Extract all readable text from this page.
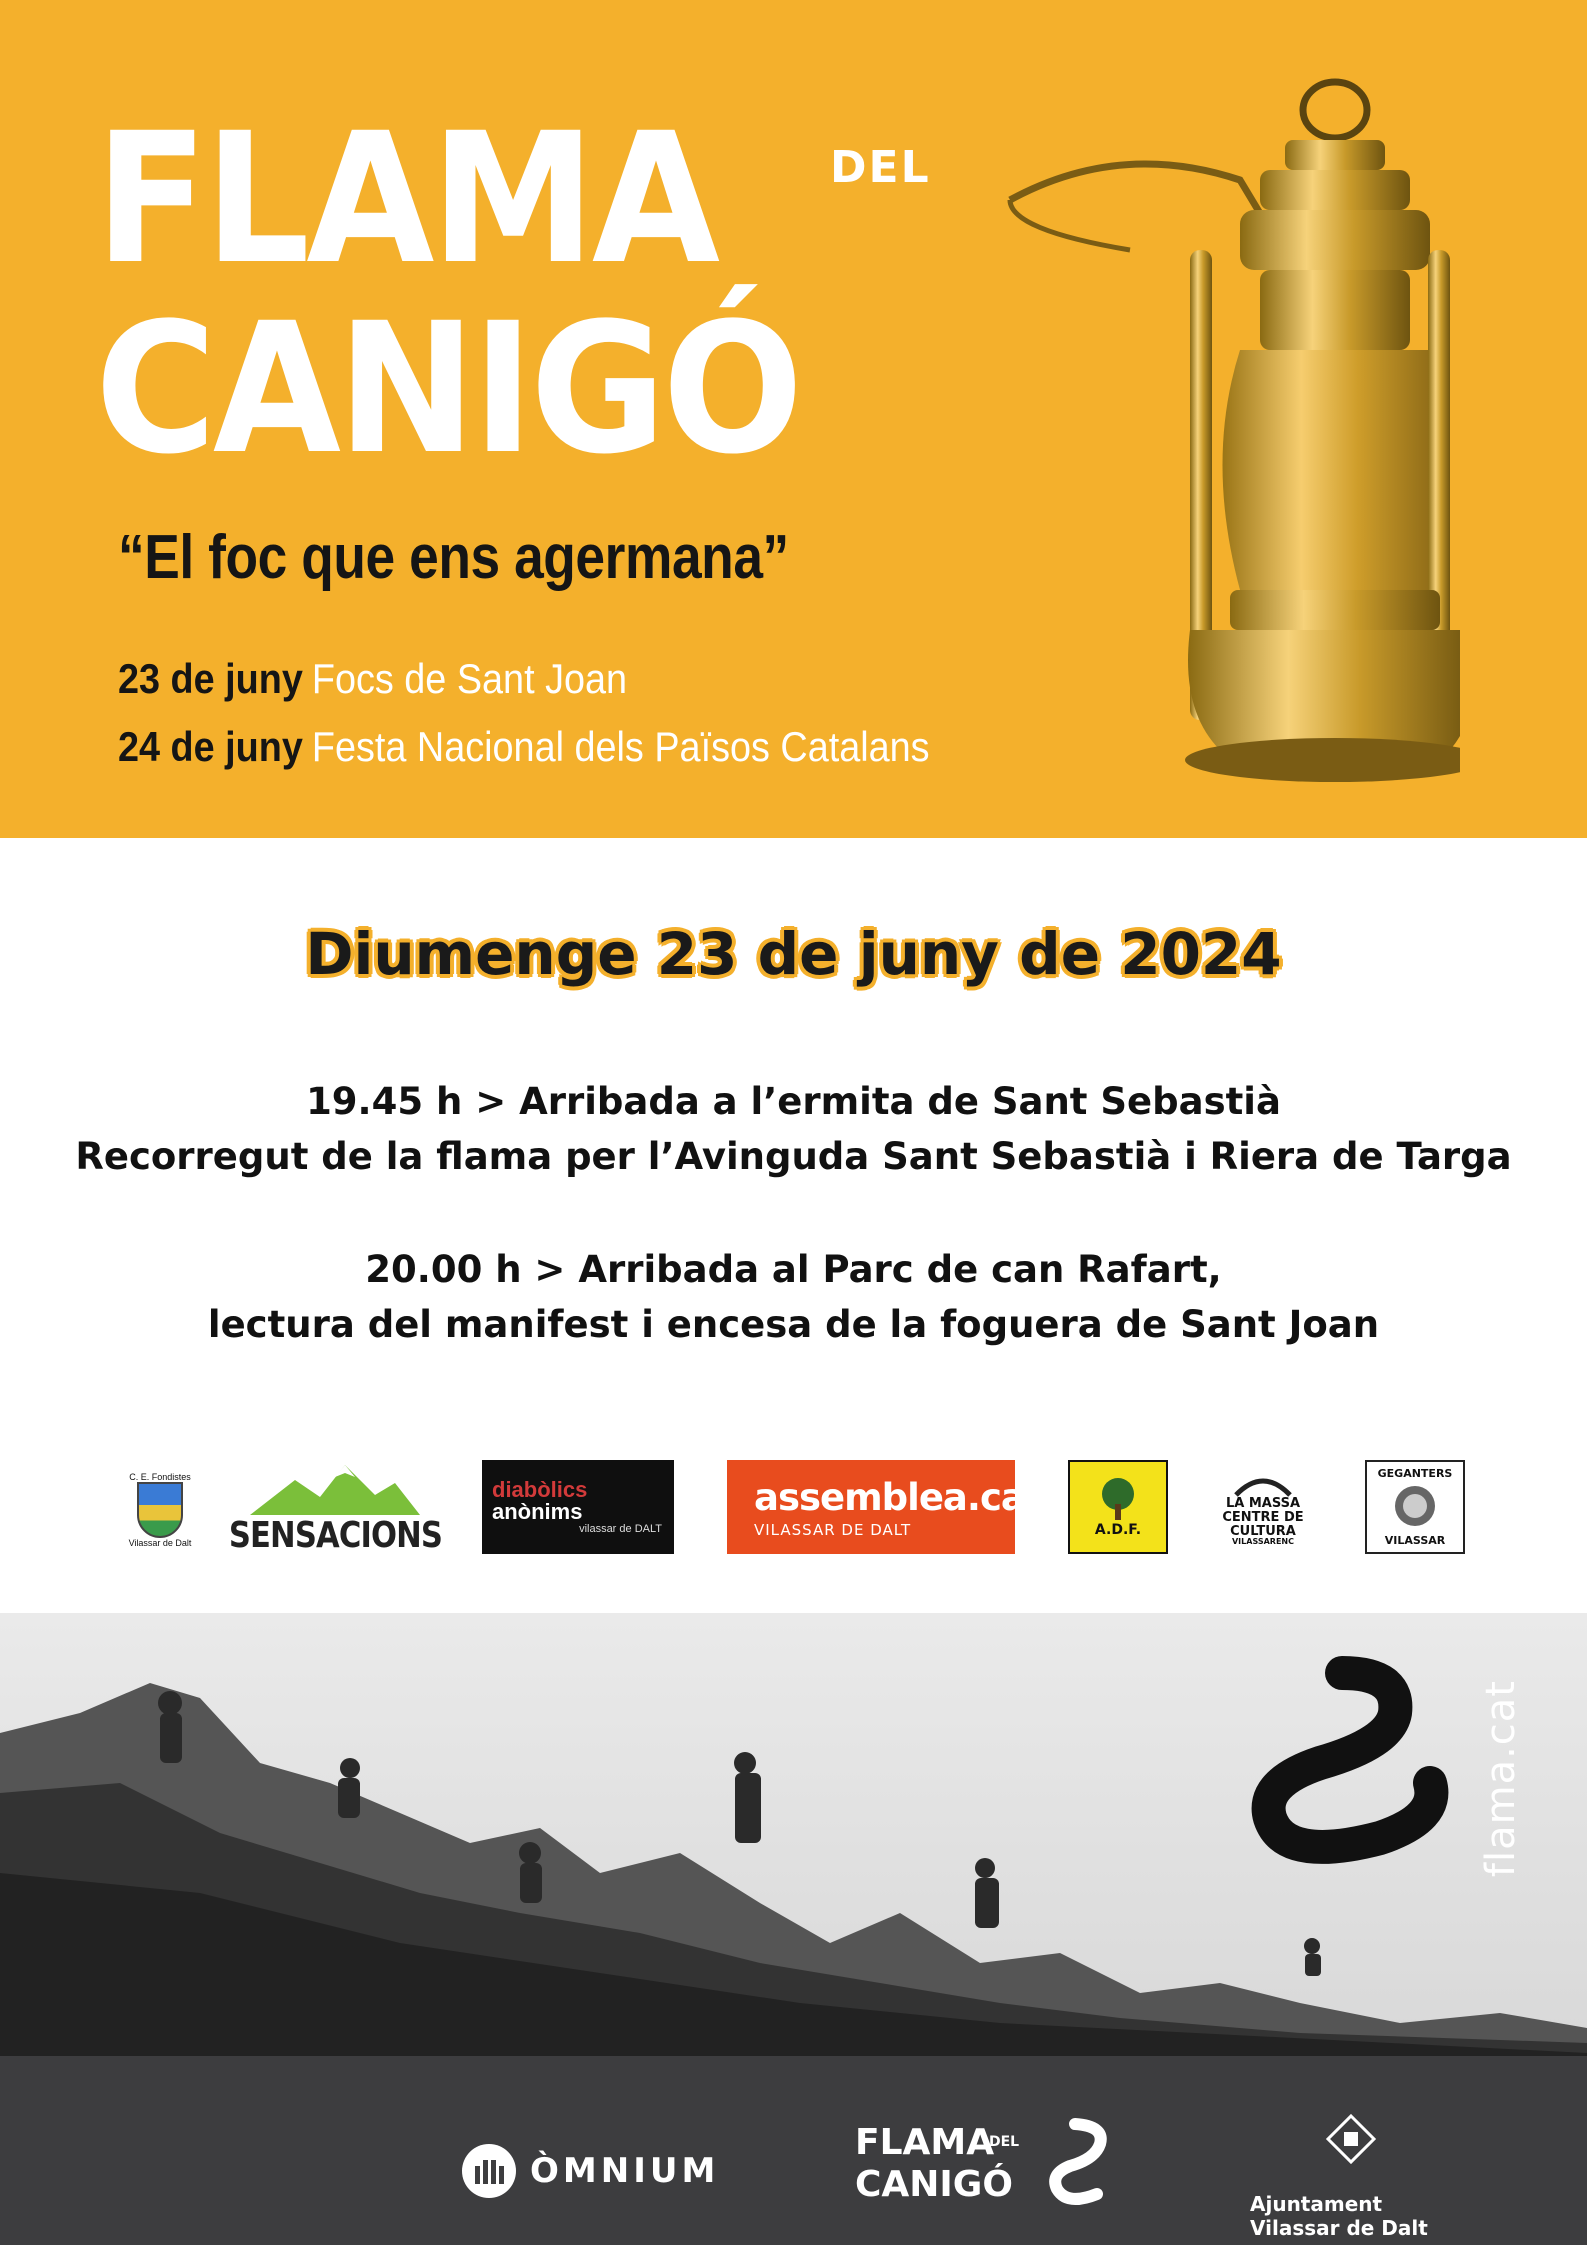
FLAMA	DEL
CANIGÓ
“El foc que ens agermana”
23 de juny Focs de Sant Joan
24 de juny Festa Nacional dels Països Catalans
Diumenge 23 de juny de 2024
19.45 h > Arribada a l’ermita de Sant Sebastià
Recorregut de la flama per l’Avinguda Sant Sebastià i Riera de Targa
20.00 h > Arribada al Parc de can Rafart,
lectura del manifest i encesa de la foguera de Sant Joan
C. E. Fondistes
Vilassar de Dalt SENSACIONS
diabòlics
anònims
vilassar de DALT
assemblea.cat
VILASSAR DE DALT	A.D.F.
LA MASSA
CENTRE DE
CULTURA
VILASSARENC
GEGANTERS
VILASSAR
flama.cat
ÒMNIUM
FLAMA
DEL
CANIGÓ	Ajuntament
Vilassar de Dalt
